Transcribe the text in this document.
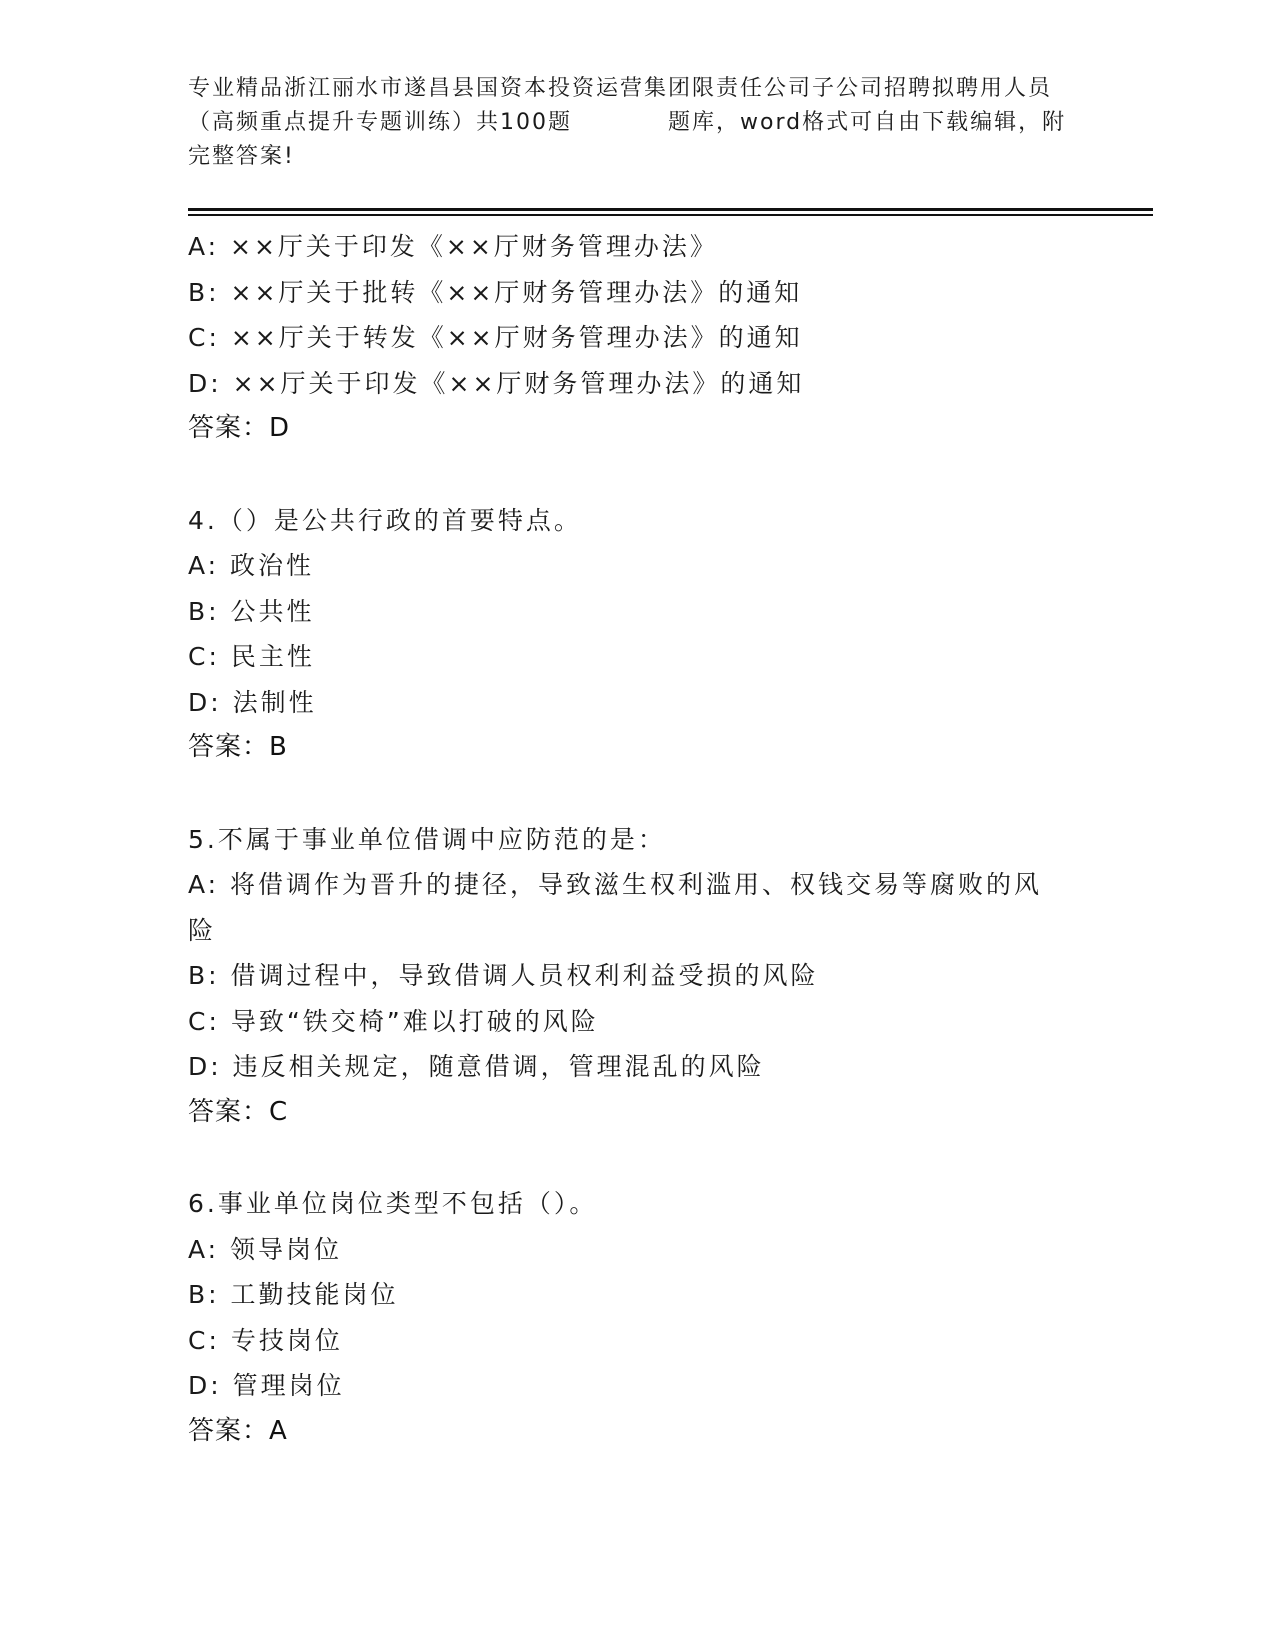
专业精品浙江丽水市遂昌县国资本投资运营集团限责任公司子公司招聘拟聘用人员（高频重点提升专题训练）共100题　　　　题库，word格式可自由下载编辑，附完整答案!
A: ××厅关于印发《××厅财务管理办法》
B: ××厅关于批转《××厅财务管理办法》的通知
C: ××厅关于转发《××厅财务管理办法》的通知
D: ××厅关于印发《××厅财务管理办法》的通知
答案：D
4.（）是公共行政的首要特点。
A: 政治性
B: 公共性
C: 民主性
D: 法制性
答案：B
5.不属于事业单位借调中应防范的是：
A: 将借调作为晋升的捷径，导致滋生权利滥用、权钱交易等腐败的风险
B: 借调过程中，导致借调人员权利利益受损的风险
C: 导致“铁交椅”难以打破的风险
D: 违反相关规定，随意借调，管理混乱的风险
答案：C
6.事业单位岗位类型不包括（）。
A: 领导岗位
B: 工勤技能岗位
C: 专技岗位
D: 管理岗位
答案：A
